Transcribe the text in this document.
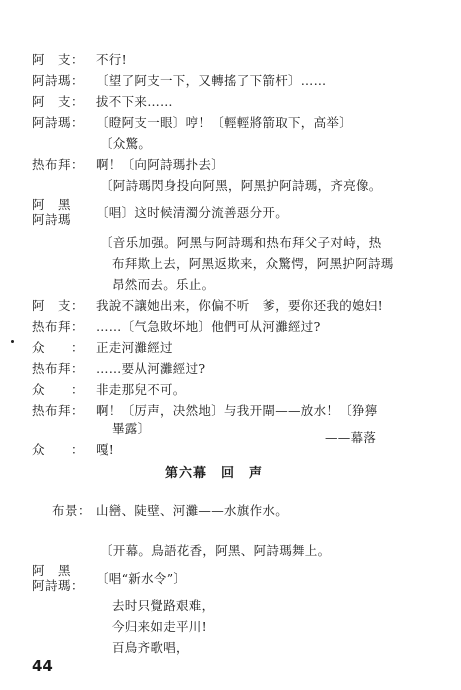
阿　支： 不行!
阿詩瑪： 〔望了阿支一下，又轉搖了下箭杆〕……
阿　支： 拔不下来……
阿詩瑪： 〔瞪阿支一眼〕哼！〔輕輕將箭取下，高举〕
〔众驚。
热布拜： 啊！〔向阿詩瑪扑去〕
〔阿詩瑪閃身投向阿黑，阿黑护阿詩瑪，齐亮像。
阿　黑
阿詩瑪 〔唱〕这时候清濁分流善惡分开。
〔音乐加强。阿黑与阿詩瑪和热布拜父子对峙，热
布拜欺上去，阿黑返欺来，众驚愕，阿黑护阿詩瑪
昂然而去。乐止。
阿　支： 我說不讓她出来，你偏不听　爹，要你还我的媳妇!
热布拜： ……〔气急敗坏地〕他們可从河灘經过?
众　　： 正走河灘經过
热布拜： ……要从河灘經过?
众　　： 非走那兒不可。
热布拜： 啊！〔厉声，决然地〕与我开閘——放水！〔狰獰
畢露〕
众　　： 嘎!
——幕落
第六幕　回　声
布景： 山巒、陡壁、河灘——水旗作水。
〔开幕。鳥語花香，阿黑、阿詩瑪舞上。
阿　黑
阿詩瑪： 〔唱“新水令”〕
去时只覺路艰难，
今归来如走平川!
百鳥齐歌唱，
44
